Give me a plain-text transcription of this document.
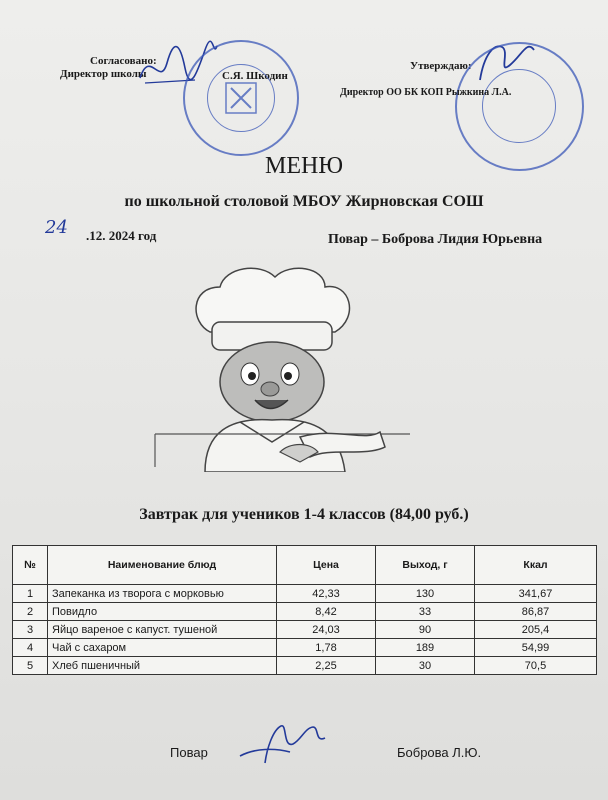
Согласовано:
Директор школы	С.Я. Шкодин
Утверждаю:
Директор ОО БК КОП Рыжкина Л.А.
МЕНЮ
по школьной столовой МБОУ Жирновская СОШ
24 .12. 2024 год	Повар – Боброва Лидия Юрьевна
Завтрак для учеников 1-4 классов (84,00 руб.)
№	Наименование блюд	Цена	Выход, г	Ккал
1	Запеканка из творога с морковью	42,33	130	341,67
2	Повидло	8,42	33	86,87
3	Яйцо вареное с капуст. тушеной	24,03	90	205,4
4	Чай с сахаром	1,78	189	54,99
5	Хлеб пшеничный	2,25	30	70,5
Повар	Боброва Л.Ю.
